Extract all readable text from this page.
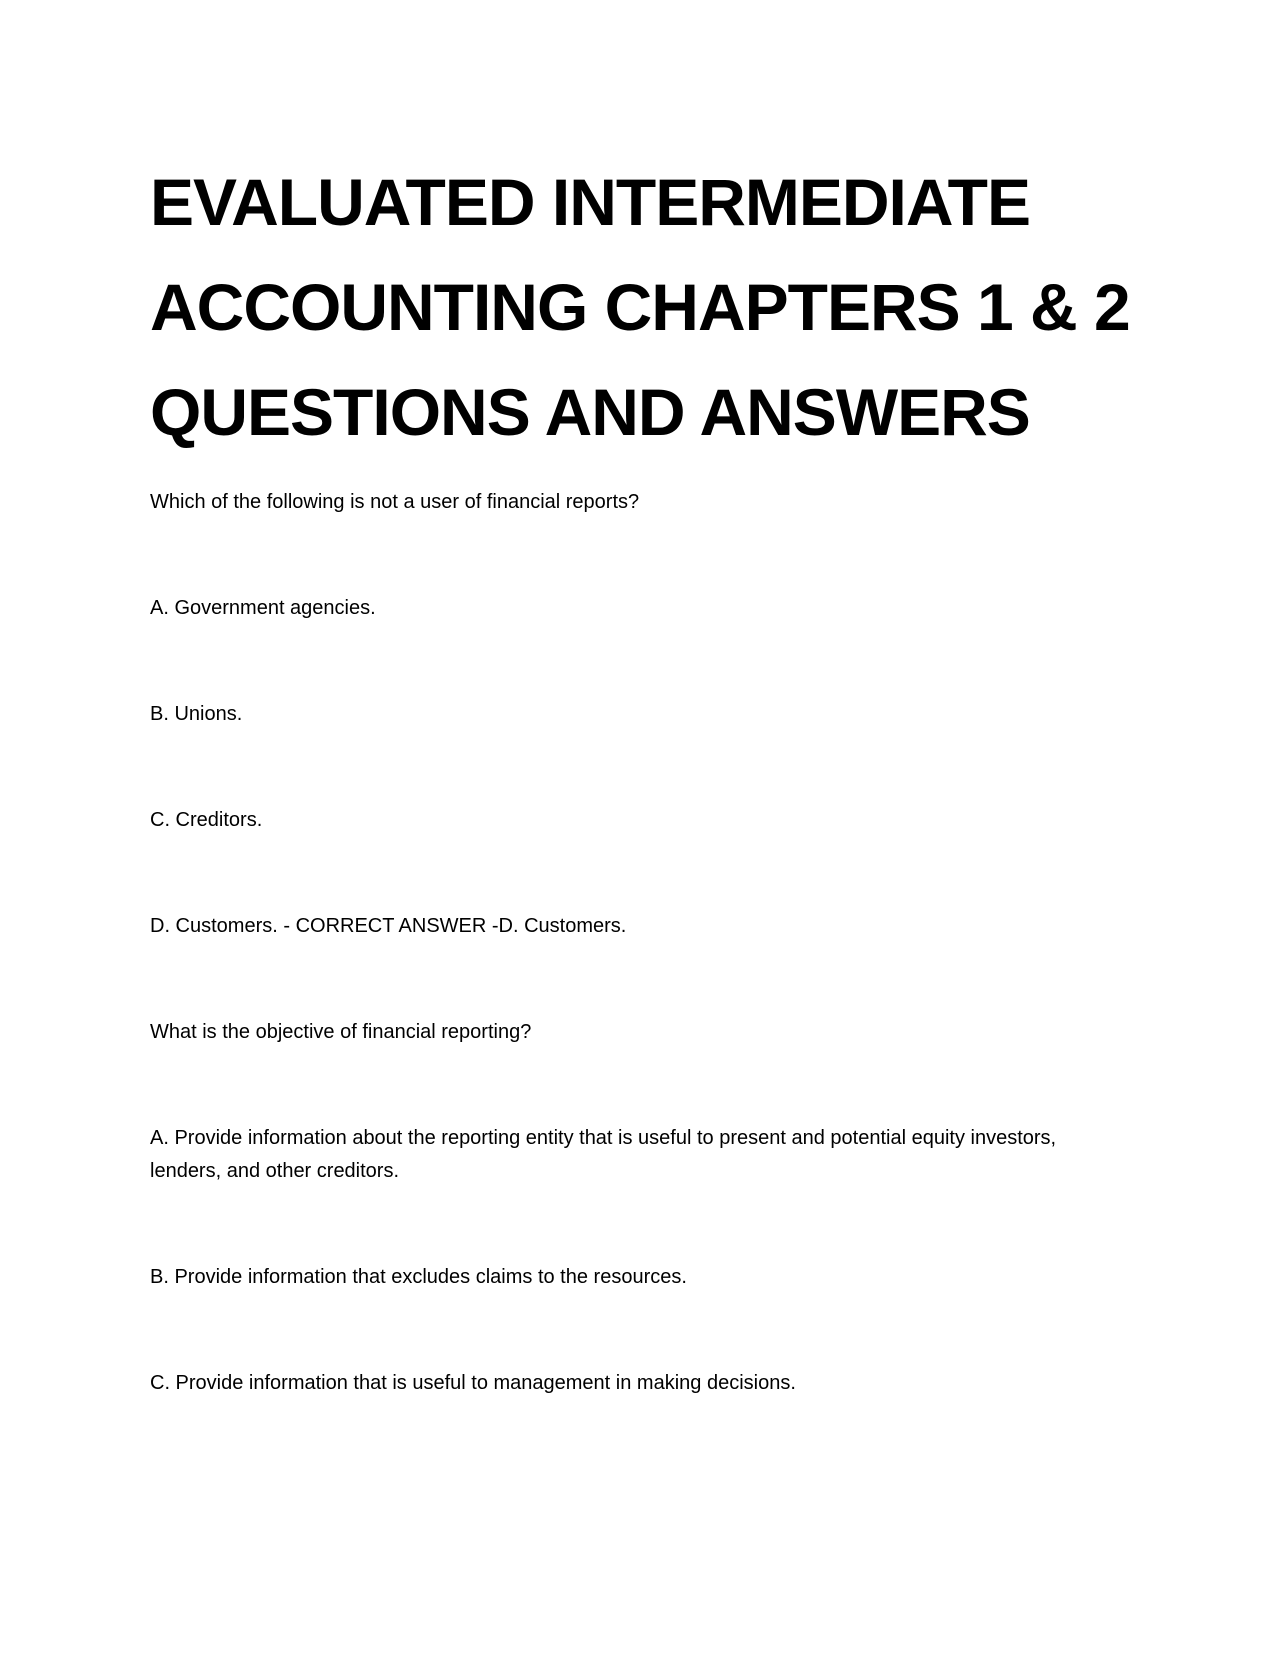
EVALUATED INTERMEDIATE
ACCOUNTING CHAPTERS 1 & 2
QUESTIONS AND ANSWERS

Which of the following is not a user of financial reports?

A. Government agencies.

B. Unions.

C. Creditors.

D. Customers. - CORRECT ANSWER -D. Customers.

What is the objective of financial reporting?

A. Provide information about the reporting entity that is useful to present and potential equity investors, lenders, and other creditors.

B. Provide information that excludes claims to the resources.

C. Provide information that is useful to management in making decisions.
